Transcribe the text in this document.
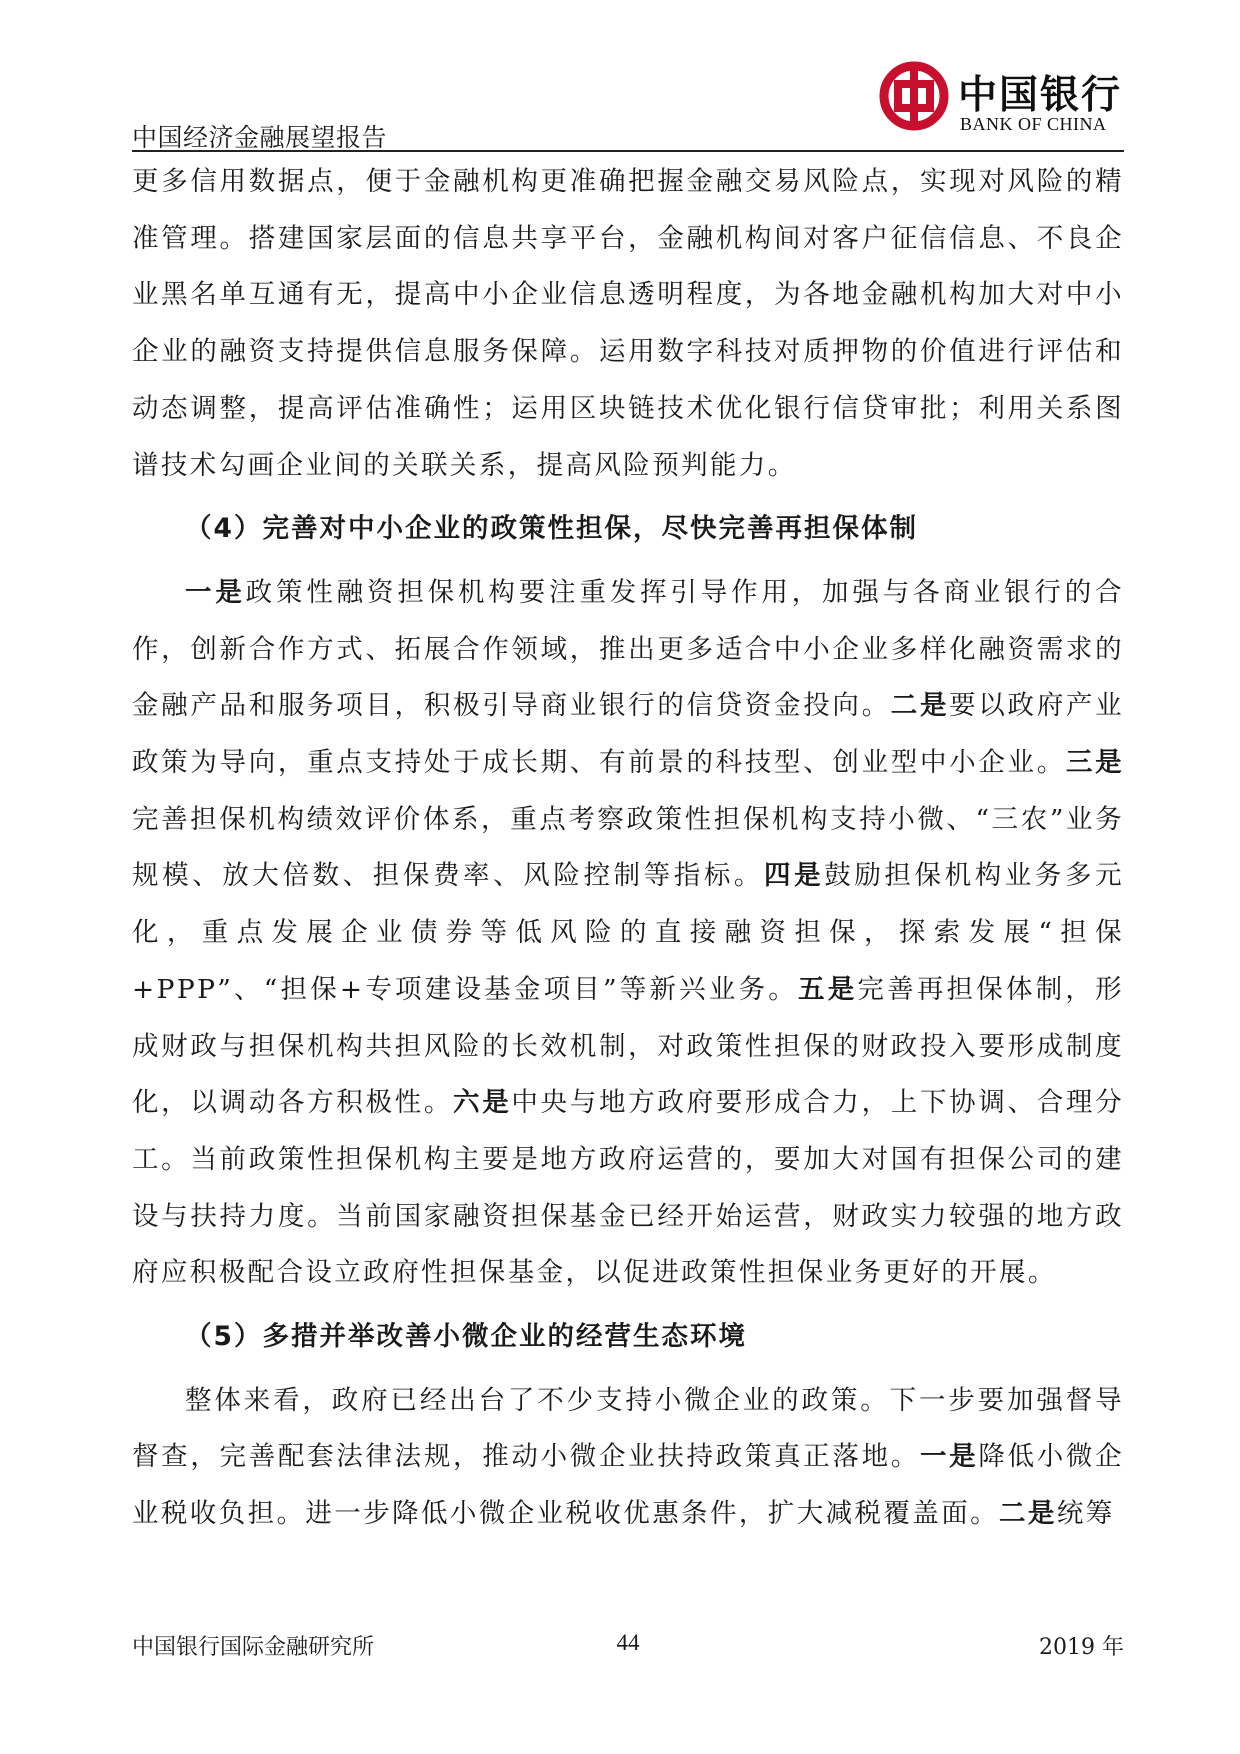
中国经济金融展望报告
中国银行
BANK OF CHINA

更多信用数据点，便于金融机构更准确把握金融交易风险点，实现对风险的精准管理。搭建国家层面的信息共享平台，金融机构间对客户征信信息、不良企业黑名单互通有无，提高中小企业信息透明程度，为各地金融机构加大对中小企业的融资支持提供信息服务保障。运用数字科技对质押物的价值进行评估和动态调整，提高评估准确性；运用区块链技术优化银行信贷审批；利用关系图谱技术勾画企业间的关联关系，提高风险预判能力。

（4）完善对中小企业的政策性担保，尽快完善再担保体制

一是政策性融资担保机构要注重发挥引导作用，加强与各商业银行的合作，创新合作方式、拓展合作领域，推出更多适合中小企业多样化融资需求的金融产品和服务项目，积极引导商业银行的信贷资金投向。二是要以政府产业政策为导向，重点支持处于成长期、有前景的科技型、创业型中小企业。三是完善担保机构绩效评价体系，重点考察政策性担保机构支持小微、“三农”业务规模、放大倍数、担保费率、风险控制等指标。四是鼓励担保机构业务多元化，重点发展企业债券等低风险的直接融资担保，探索发展“担保+PPP”、“担保+专项建设基金项目”等新兴业务。五是完善再担保体制，形成财政与担保机构共担风险的长效机制，对政策性担保的财政投入要形成制度化，以调动各方积极性。六是中央与地方政府要形成合力，上下协调、合理分工。当前政策性担保机构主要是地方政府运营的，要加大对国有担保公司的建设与扶持力度。当前国家融资担保基金已经开始运营，财政实力较强的地方政府应积极配合设立政府性担保基金，以促进政策性担保业务更好的开展。

（5）多措并举改善小微企业的经营生态环境

整体来看，政府已经出台了不少支持小微企业的政策。下一步要加强督导督查，完善配套法律法规，推动小微企业扶持政策真正落地。一是降低小微企业税收负担。进一步降低小微企业税收优惠条件，扩大减税覆盖面。二是统筹

中国银行国际金融研究所	44	2019 年
